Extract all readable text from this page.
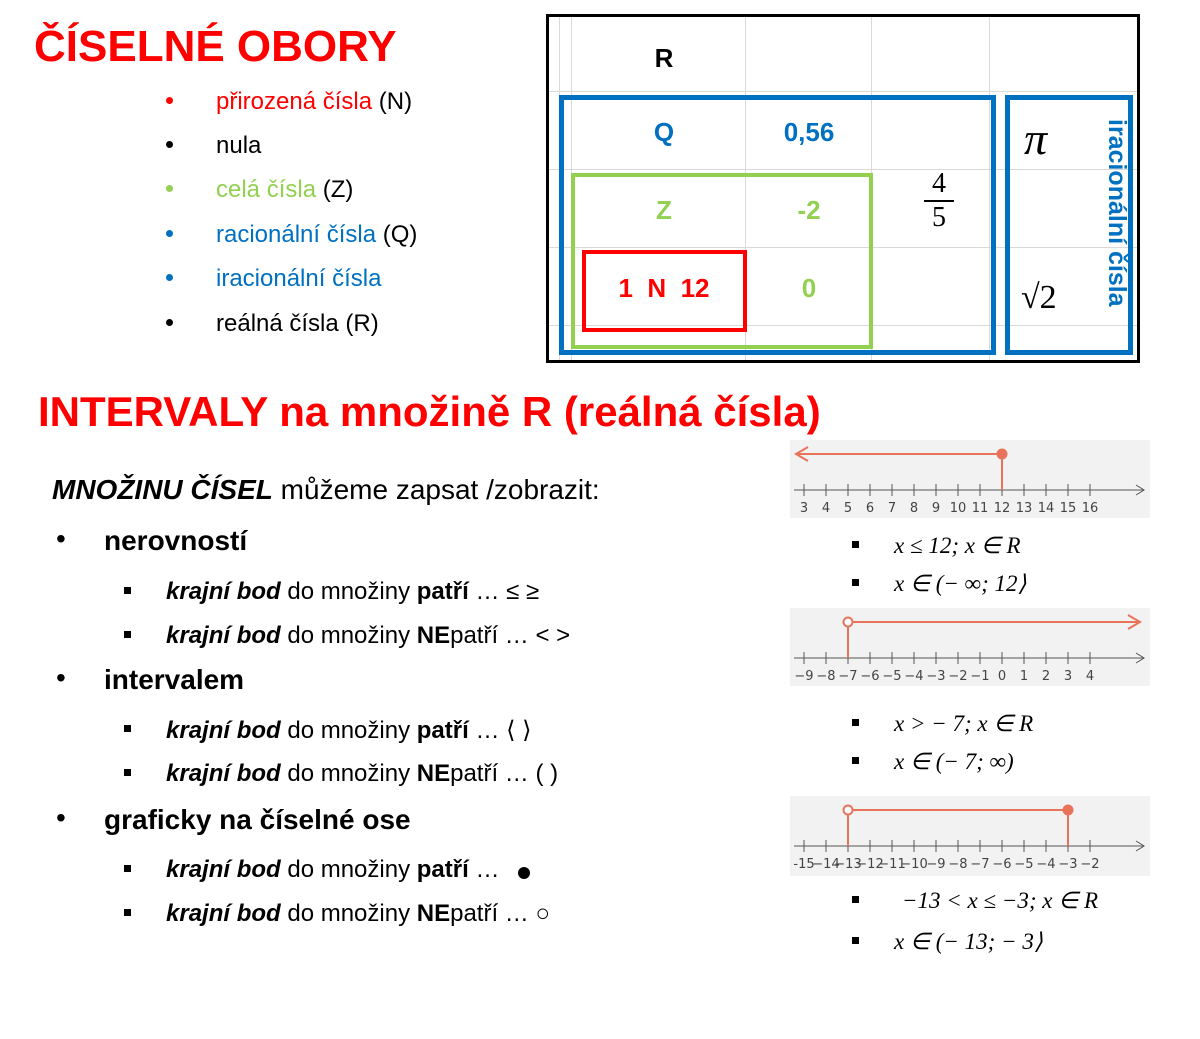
ČÍSELNÉ OBORY
přirozená čísla (N)
nula
celá čísla (Z)
racionální čísla (Q)
iracionální čísla
reálná čísla (R)
R
Q	0,56
4
5
Z	-2
1  N  12	0
π
√2 iracionální čísla
INTERVALY na množině R (reálná čísla)
MNOŽINU ČÍSEL můžeme zapsat /zobrazit:
• nerovností
krajní bod do množiny patří … ≤ ≥
krajní bod do množiny NEpatří … < >
• intervalem
krajní bod do množiny patří … ⟨ ⟩
krajní bod do množiny NEpatří … ( )
• graficky na číselné ose
krajní bod do množiny patří …
krajní bod do množiny NEpatří … ○
3 4 5 6 7 8 9 10 11 12 13 14 15 16
x ≤ 12; x ∈ R
x ∈ (− ∞; 12⟩
−9 −8 −7 −6 −5 −4 −3 −2 −1 0 1 2 3 4
x > − 7; x ∈ R
x ∈ (− 7; ∞)
-15
−14
−13
−12
−11
−10
−9 −8 −7 −6 −5 −4 −3 −2
−13 < x ≤ −3; x ∈ R
x ∈ (− 13; − 3⟩
